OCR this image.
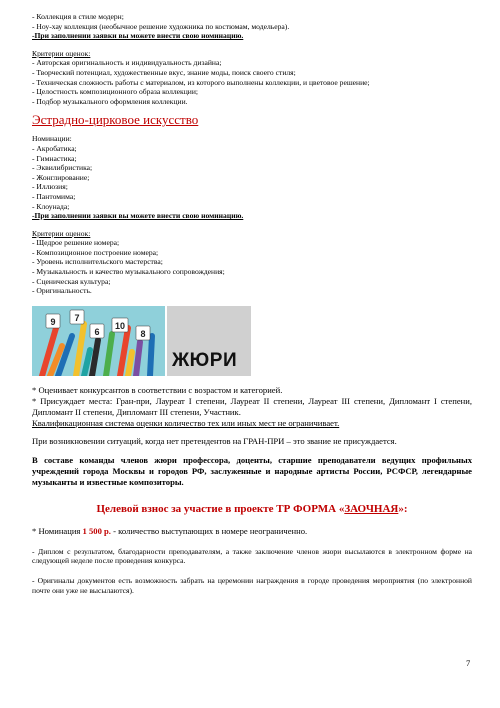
- Коллекция в стиле модерн;
- Ноу-хау коллекция (необычное решение художника по костюмам, модельера).
-При заполнении заявки вы можете внести свою номинацию.
Критерии оценок:
- Авторская оригинальность и индивидуальность дизайна;
- Творческий потенциал, художественные вкус, знание моды, поиск своего стиля;
- Техническая сложность работы с материалом, из которого выполнены коллекции, и цветовое решение;
- Целостность композиционного образа коллекции;
- Подбор музыкального оформления коллекции.
Эстрадно-цирковое искусство
Номинации:
- Акробатика;
- Гимнастика;
- Эквилибристика;
- Жонглирование;
- Иллюзия;
- Пантомима;
- Клоунада;
-При заполнении заявки вы можете внести свою номинацию.
Критерии оценок:
- Щедрое решение номера;
- Композиционное построение номера;
- Уровень исполнительского мастерства;
- Музыкальность и качество музыкального сопровождения;
- Сценическая культура;
- Оригинальность.
9 7
6
10
8
ЖЮРИ
* Оценивает конкурсантов в соответствии с возрастом и категорией.
* Присуждает места: Гран-при, Лауреат I степени, Лауреат II степени, Лауреат III степени, Дипломант I степени, Дипломант II степени, Дипломант III степени, Участник.
Квалификационная система оценки количество тех или иных мест не ограничивает.
При возникновении ситуаций, когда нет претендентов на ГРАН-ПРИ – это звание не присуждается.
В составе команды членов жюри профессора, доценты, старшие преподаватели ведущих профильных учреждений города Москвы и городов РФ, заслуженные и народные артисты России, РСФСР, легендарные музыканты и известные композиторы.
Целевой взнос за участие в проекте ТР ФОРМА «ЗАОЧНАЯ»:
* Номинация 1 500 р. - количество выступающих в номере неограниченно.
- Диплом с результатом, благодарности преподавателям, а также заключение членов жюри высылаются в электронном форме на следующей неделе после проведения конкурса.
- Оригиналы документов есть возможность забрать на церемонии награждения в городе проведения мероприятия (по электронной почте они уже не высылаются).
7
